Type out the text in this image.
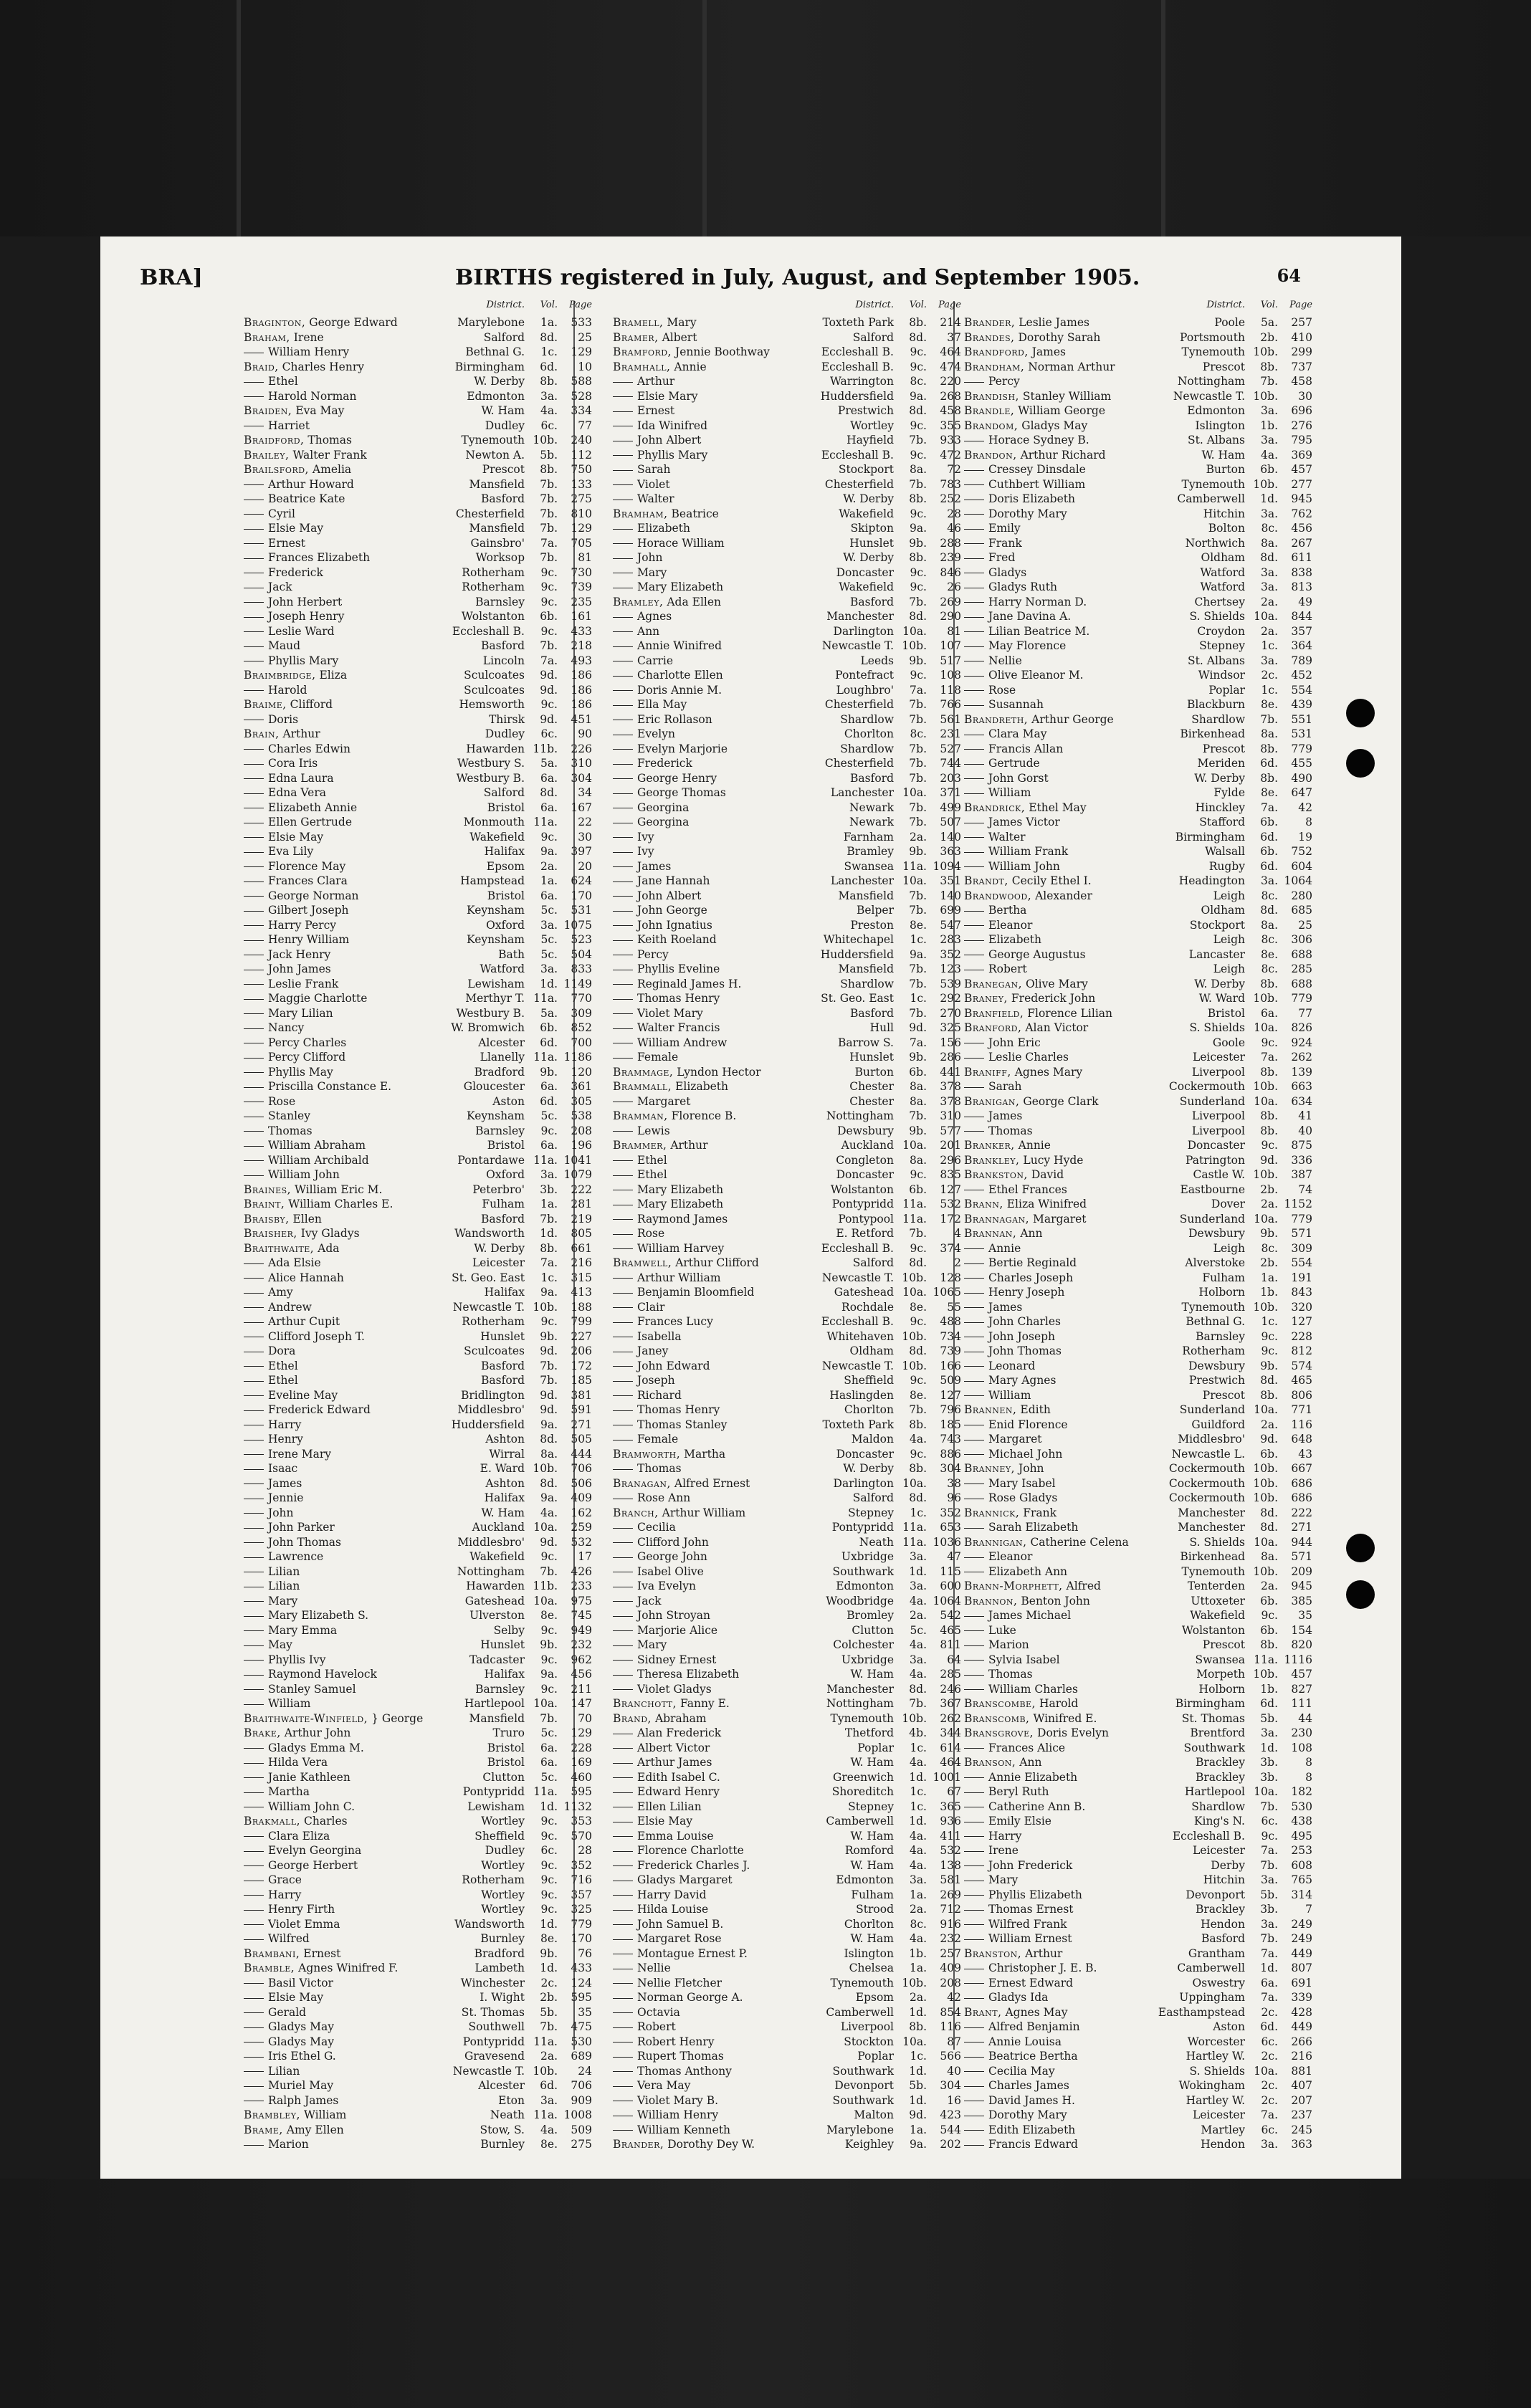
BRA]	BIRTHS registered in July, August, and September 1905.	64
District. Vol. Page
Braginton, George Edward	Marylebone 1a. 533
Braham, Irene	Salford 8d. 25
William Henry	Bethnal G. 1c. 129
Braid, Charles Henry	Birmingham 6d. 10
Ethel	W. Derby 8b. 588
Harold Norman	Edmonton 3a. 528
Braiden, Eva May	W. Ham 4a. 334
Harriet	Dudley 6c. 77
Braidford, Thomas	Tynemouth 10b. 240
Brailey, Walter Frank	Newton A. 5b. 112
Brailsford, Amelia	Prescot 8b. 750
Arthur Howard	Mansfield 7b. 133
Beatrice Kate	Basford 7b. 275
Cyril	Chesterfield 7b. 810
Elsie May	Mansfield 7b. 129
Ernest	Gainsbro' 7a. 705
Frances Elizabeth	Worksop 7b. 81
Frederick	Rotherham 9c. 730
Jack	Rotherham 9c. 739
John Herbert	Barnsley 9c. 235
Joseph Henry	Wolstanton 6b. 161
Leslie Ward	Eccleshall B. 9c. 433
Maud	Basford 7b. 218
Phyllis Mary	Lincoln 7a. 493
Braimbridge, Eliza	Sculcoates 9d. 186
Harold	Sculcoates 9d. 186
Braime, Clifford	Hemsworth 9c. 186
Doris	Thirsk 9d. 451
Brain, Arthur	Dudley 6c. 90
Charles Edwin	Hawarden 11b. 226
Cora Iris	Westbury S. 5a. 310
Edna Laura	Westbury B. 6a. 304
Edna Vera	Salford 8d. 34
Elizabeth Annie	Bristol 6a. 167
Ellen Gertrude	Monmouth 11a. 22
Elsie May	Wakefield 9c. 30
Eva Lily	Halifax 9a. 397
Florence May	Epsom 2a. 20
Frances Clara	Hampstead 1a. 624
George Norman	Bristol 6a. 170
Gilbert Joseph	Keynsham 5c. 531
Harry Percy	Oxford 3a. 1075
Henry William	Keynsham 5c. 523
Jack Henry	Bath 5c. 504
John James	Watford 3a. 833
Leslie Frank	Lewisham 1d. 1149
Maggie Charlotte	Merthyr T. 11a. 770
Mary Lilian	Westbury B. 5a. 309
Nancy	W. Bromwich 6b. 852
Percy Charles	Alcester 6d. 700
Percy Clifford	Llanelly 11a. 1186
Phyllis May	Bradford 9b. 120
Priscilla Constance E.	Gloucester 6a. 361
Rose	Aston 6d. 305
Stanley	Keynsham 5c. 538
Thomas	Barnsley 9c. 208
William Abraham	Bristol 6a. 196
William Archibald	Pontardawe 11a. 1041
William John	Oxford 3a. 1079
Braines, William Eric M.	Peterbro' 3b. 222
Braint, William Charles E.	Fulham 1a. 281
Braisby, Ellen	Basford 7b. 219
Braisher, Ivy Gladys	Wandsworth 1d. 805
Braithwaite, Ada	W. Derby 8b. 661
Ada Elsie	Leicester 7a. 216
Alice Hannah	St. Geo. East 1c. 315
Amy	Halifax 9a. 413
Andrew	Newcastle T. 10b. 188
Arthur Cupit	Rotherham 9c. 799
Clifford Joseph T.	Hunslet 9b. 227
Dora	Sculcoates 9d. 206
Ethel	Basford 7b. 172
Ethel	Basford 7b. 185
Eveline May	Bridlington 9d. 381
Frederick Edward	Middlesbro' 9d. 591
Harry	Huddersfield 9a. 271
Henry	Ashton 8d. 505
Irene Mary	Wirral 8a. 444
Isaac	E. Ward 10b. 706
James	Ashton 8d. 506
Jennie	Halifax 9a. 409
John	W. Ham 4a. 162
John Parker	Auckland 10a. 259
John Thomas	Middlesbro' 9d. 532
Lawrence	Wakefield 9c. 17
Lilian	Nottingham 7b. 426
Lilian	Hawarden 11b. 233
Mary	Gateshead 10a. 975
Mary Elizabeth S.	Ulverston 8e. 745
Mary Emma	Selby 9c. 949
May	Hunslet 9b. 232
Phyllis Ivy	Tadcaster 9c. 962
Raymond Havelock	Halifax 9a. 456
Stanley Samuel	Barnsley 9c. 211
William	Hartlepool 10a. 147
Braithwaite-Winfield, } George	Mansfield 7b. 70
Brake, Arthur John	Truro 5c. 129
Gladys Emma M.	Bristol 6a. 228
Hilda Vera	Bristol 6a. 169
Janie Kathleen	Clutton 5c. 460
Martha	Pontypridd 11a. 595
William John C.	Lewisham 1d. 1132
Brakmall, Charles	Wortley 9c. 353
Clara Eliza	Sheffield 9c. 570
Evelyn Georgina	Dudley 6c. 28
George Herbert	Wortley 9c. 352
Grace	Rotherham 9c. 716
Harry	Wortley 9c. 357
Henry Firth	Wortley 9c. 325
Violet Emma	Wandsworth 1d. 779
Wilfred	Burnley 8e. 170
Brambani, Ernest	Bradford 9b. 76
Bramble, Agnes Winifred F.	Lambeth 1d. 433
Basil Victor	Winchester 2c. 124
Elsie May	I. Wight 2b. 595
Gerald	St. Thomas 5b. 35
Gladys May	Southwell 7b. 475
Gladys May	Pontypridd 11a. 530
Iris Ethel G.	Gravesend 2a. 689
Lilian	Newcastle T. 10b. 24
Muriel May	Alcester 6d. 706
Ralph James	Eton 3a. 909
Brambley, William	Neath 11a. 1008
Brame, Amy Ellen	Stow, S. 4a. 509
Marion	Burnley 8e. 275
District. Vol. Page
Bramell, Mary	Toxteth Park 8b. 214
Bramer, Albert	Salford 8d. 37
Bramford, Jennie Boothway	Eccleshall B. 9c. 464
Bramhall, Annie	Eccleshall B. 9c. 474
Arthur	Warrington 8c. 220
Elsie Mary	Huddersfield 9a. 268
Ernest	Prestwich 8d. 458
Ida Winifred	Wortley 9c. 355
John Albert	Hayfield 7b. 933
Phyllis Mary	Eccleshall B. 9c. 472
Sarah	Stockport 8a. 72
Violet	Chesterfield 7b. 783
Walter	W. Derby 8b. 252
Bramham, Beatrice	Wakefield 9c. 28
Elizabeth	Skipton 9a. 46
Horace William	Hunslet 9b. 288
John	W. Derby 8b. 239
Mary	Doncaster 9c. 846
Mary Elizabeth	Wakefield 9c. 26
Bramley, Ada Ellen	Basford 7b. 269
Agnes	Manchester 8d. 290
Ann	Darlington 10a. 81
Annie Winifred	Newcastle T. 10b. 107
Carrie	Leeds 9b. 517
Charlotte Ellen	Pontefract 9c. 108
Doris Annie M.	Loughbro' 7a. 118
Ella May	Chesterfield 7b. 766
Eric Rollason	Shardlow 7b. 561
Evelyn	Chorlton 8c. 231
Evelyn Marjorie	Shardlow 7b. 527
Frederick	Chesterfield 7b. 744
George Henry	Basford 7b. 203
George Thomas	Lanchester 10a. 371
Georgina	Newark 7b. 499
Georgina	Newark 7b. 507
Ivy	Farnham 2a. 140
Ivy	Bramley 9b. 363
James	Swansea 11a. 1094
Jane Hannah	Lanchester 10a. 351
John Albert	Mansfield 7b. 140
John George	Belper 7b. 699
John Ignatius	Preston 8e. 547
Keith Roeland	Whitechapel 1c. 283
Percy	Huddersfield 9a. 352
Phyllis Eveline	Mansfield 7b. 123
Reginald James H.	Shardlow 7b. 539
Thomas Henry	St. Geo. East 1c. 292
Violet Mary	Basford 7b. 270
Walter Francis	Hull 9d. 325
William Andrew	Barrow S. 7a. 156
Female	Hunslet 9b. 286
Brammage, Lyndon Hector	Burton 6b. 441
Brammall, Elizabeth	Chester 8a. 378
Margaret	Chester 8a. 378
Bramman, Florence B.	Nottingham 7b. 310
Lewis	Dewsbury 9b. 577
Brammer, Arthur	Auckland 10a. 201
Ethel	Congleton 8a. 296
Ethel	Doncaster 9c. 835
Mary Elizabeth	Wolstanton 6b. 127
Mary Elizabeth	Pontypridd 11a. 532
Raymond James	Pontypool 11a. 172
Rose	E. Retford 7b. 4
William Harvey	Eccleshall B. 9c. 374
Bramwell, Arthur Clifford	Salford 8d. 2
Arthur William	Newcastle T. 10b. 128
Benjamin Bloomfield	Gateshead 10a. 1065
Clair	Rochdale 8e. 55
Frances Lucy	Eccleshall B. 9c. 488
Isabella	Whitehaven 10b. 734
Janey	Oldham 8d. 739
John Edward	Newcastle T. 10b. 166
Joseph	Sheffield 9c. 509
Richard	Haslingden 8e. 127
Thomas Henry	Chorlton 7b. 796
Thomas Stanley	Toxteth Park 8b. 185
Female	Maldon 4a. 743
Bramworth, Martha	Doncaster 9c. 886
Thomas	W. Derby 8b. 304
Branagan, Alfred Ernest	Darlington 10a. 38
Rose Ann	Salford 8d. 96
Branch, Arthur William	Stepney 1c. 352
Cecilia	Pontypridd 11a. 653
Clifford John	Neath 11a. 1036
George John	Uxbridge 3a. 47
Isabel Olive	Southwark 1d. 115
Iva Evelyn	Edmonton 3a. 600
Jack	Woodbridge 4a. 1064
John Stroyan	Bromley 2a. 542
Marjorie Alice	Clutton 5c. 465
Mary	Colchester 4a. 811
Sidney Ernest	Uxbridge 3a. 64
Theresa Elizabeth	W. Ham 4a. 285
Violet Gladys	Manchester 8d. 246
Branchott, Fanny E.	Nottingham 7b. 367
Brand, Abraham	Tynemouth 10b. 262
Alan Frederick	Thetford 4b. 344
Albert Victor	Poplar 1c. 614
Arthur James	W. Ham 4a. 464
Edith Isabel C.	Greenwich 1d. 1001
Edward Henry	Shoreditch 1c. 67
Ellen Lilian	Stepney 1c. 365
Elsie May	Camberwell 1d. 936
Emma Louise	W. Ham 4a. 411
Florence Charlotte	Romford 4a. 532
Frederick Charles J.	W. Ham 4a. 138
Gladys Margaret	Edmonton 3a. 581
Harry David	Fulham 1a. 269
Hilda Louise	Strood 2a. 712
John Samuel B.	Chorlton 8c. 916
Margaret Rose	W. Ham 4a. 232
Montague Ernest P.	Islington 1b. 257
Nellie	Chelsea 1a. 409
Nellie Fletcher	Tynemouth 10b. 208
Norman George A.	Epsom 2a. 42
Octavia	Camberwell 1d. 854
Robert	Liverpool 8b. 116
Robert Henry	Stockton 10a. 87
Rupert Thomas	Poplar 1c. 566
Thomas Anthony	Southwark 1d. 40
Vera May	Devonport 5b. 304
Violet Mary B.	Southwark 1d. 16
William Henry	Malton 9d. 423
William Kenneth	Marylebone 1a. 544
Brander, Dorothy Dey W.	Keighley 9a. 202
District. Vol. Page
Brander, Leslie James	Poole 5a. 257
Brandes, Dorothy Sarah	Portsmouth 2b. 410
Brandford, James	Tynemouth 10b. 299
Brandham, Norman Arthur	Prescot 8b. 737
Percy	Nottingham 7b. 458
Brandish, Stanley William	Newcastle T. 10b. 30
Brandle, William George	Edmonton 3a. 696
Brandom, Gladys May	Islington 1b. 276
Horace Sydney B.	St. Albans 3a. 795
Brandon, Arthur Richard	W. Ham 4a. 369
Cressey Dinsdale	Burton 6b. 457
Cuthbert William	Tynemouth 10b. 277
Doris Elizabeth	Camberwell 1d. 945
Dorothy Mary	Hitchin 3a. 762
Emily	Bolton 8c. 456
Frank	Northwich 8a. 267
Fred	Oldham 8d. 611
Gladys	Watford 3a. 838
Gladys Ruth	Watford 3a. 813
Harry Norman D.	Chertsey 2a. 49
Jane Davina A.	S. Shields 10a. 844
Lilian Beatrice M.	Croydon 2a. 357
May Florence	Stepney 1c. 364
Nellie	St. Albans 3a. 789
Olive Eleanor M.	Windsor 2c. 452
Rose	Poplar 1c. 554
Susannah	Blackburn 8e. 439
Brandreth, Arthur George	Shardlow 7b. 551
Clara May	Birkenhead 8a. 531
Francis Allan	Prescot 8b. 779
Gertrude	Meriden 6d. 455
John Gorst	W. Derby 8b. 490
William	Fylde 8e. 647
Brandrick, Ethel May	Hinckley 7a. 42
James Victor	Stafford 6b. 8
Walter	Birmingham 6d. 19
William Frank	Walsall 6b. 752
William John	Rugby 6d. 604
Brandt, Cecily Ethel I.	Headington 3a. 1064
Brandwood, Alexander	Leigh 8c. 280
Bertha	Oldham 8d. 685
Eleanor	Stockport 8a. 25
Elizabeth	Leigh 8c. 306
George Augustus	Lancaster 8e. 688
Robert	Leigh 8c. 285
Branegan, Olive Mary	W. Derby 8b. 688
Braney, Frederick John	W. Ward 10b. 779
Branfield, Florence Lilian	Bristol 6a. 77
Branford, Alan Victor	S. Shields 10a. 826
John Eric	Goole 9c. 924
Leslie Charles	Leicester 7a. 262
Braniff, Agnes Mary	Liverpool 8b. 139
Sarah	Cockermouth 10b. 663
Branigan, George Clark	Sunderland 10a. 634
James	Liverpool 8b. 41
Thomas	Liverpool 8b. 40
Branker, Annie	Doncaster 9c. 875
Brankley, Lucy Hyde	Patrington 9d. 336
Brankston, David	Castle W. 10b. 387
Ethel Frances	Eastbourne 2b. 74
Brann, Eliza Winifred	Dover 2a. 1152
Brannagan, Margaret	Sunderland 10a. 779
Brannan, Ann	Dewsbury 9b. 571
Annie	Leigh 8c. 309
Bertie Reginald	Alverstoke 2b. 554
Charles Joseph	Fulham 1a. 191
Henry Joseph	Holborn 1b. 843
James	Tynemouth 10b. 320
John Charles	Bethnal G. 1c. 127
John Joseph	Barnsley 9c. 228
John Thomas	Rotherham 9c. 812
Leonard	Dewsbury 9b. 574
Mary Agnes	Prestwich 8d. 465
William	Prescot 8b. 806
Brannen, Edith	Sunderland 10a. 771
Enid Florence	Guildford 2a. 116
Margaret	Middlesbro' 9d. 648
Michael John	Newcastle L. 6b. 43
Branney, John	Cockermouth 10b. 667
Mary Isabel	Cockermouth 10b. 686
Rose Gladys	Cockermouth 10b. 686
Brannick, Frank	Manchester 8d. 222
Sarah Elizabeth	Manchester 8d. 271
Brannigan, Catherine Celena	S. Shields 10a. 944
Eleanor	Birkenhead 8a. 571
Elizabeth Ann	Tynemouth 10b. 209
Brann-Morphett, Alfred	Tenterden 2a. 945
Brannon, Benton John	Uttoxeter 6b. 385
James Michael	Wakefield 9c. 35
Luke	Wolstanton 6b. 154
Marion	Prescot 8b. 820
Sylvia Isabel	Swansea 11a. 1116
Thomas	Morpeth 10b. 457
William Charles	Holborn 1b. 827
Branscombe, Harold	Birmingham 6d. 111
Branscomb, Winifred E.	St. Thomas 5b. 44
Bransgrove, Doris Evelyn	Brentford 3a. 230
Frances Alice	Southwark 1d. 108
Branson, Ann	Brackley 3b. 8
Annie Elizabeth	Brackley 3b. 8
Beryl Ruth	Hartlepool 10a. 182
Catherine Ann B.	Shardlow 7b. 530
Emily Elsie	King's N. 6c. 438
Harry	Eccleshall B. 9c. 495
Irene	Leicester 7a. 253
John Frederick	Derby 7b. 608
Mary	Hitchin 3a. 765
Phyllis Elizabeth	Devonport 5b. 314
Thomas Ernest	Brackley 3b. 7
Wilfred Frank	Hendon 3a. 249
William Ernest	Basford 7b. 249
Branston, Arthur	Grantham 7a. 449
Christopher J. E. B.	Camberwell 1d. 807
Ernest Edward	Oswestry 6a. 691
Gladys Ida	Uppingham 7a. 339
Brant, Agnes May	Easthampstead 2c. 428
Alfred Benjamin	Aston 6d. 449
Annie Louisa	Worcester 6c. 266
Beatrice Bertha	Hartley W. 2c. 216
Cecilia May	S. Shields 10a. 881
Charles James	Wokingham 2c. 407
David James H.	Hartley W. 2c. 207
Dorothy Mary	Leicester 7a. 237
Edith Elizabeth	Martley 6c. 245
Francis Edward	Hendon 3a. 363
